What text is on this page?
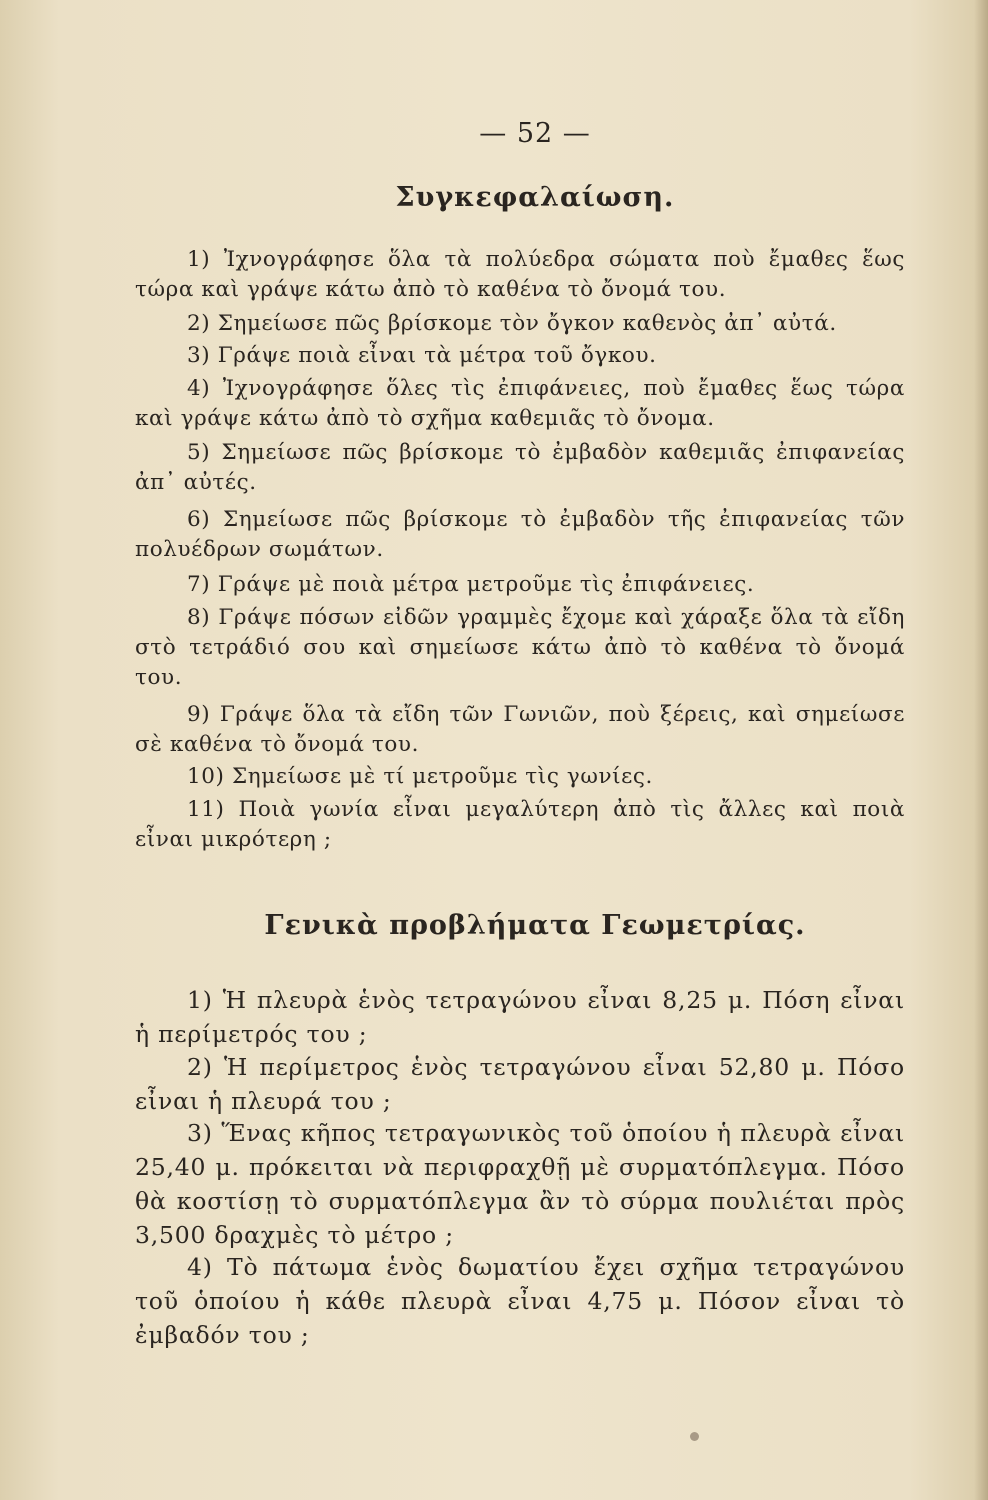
— 52 —
Συγκεφαλαίωση.

1) Ἰχνογράφησε ὅλα τὰ πολύεδρα σώματα ποὺ ἔμαθες ἕως τώρα καὶ γράψε κάτω ἀπὸ τὸ καθένα τὸ ὄνομά του.

2) Σημείωσε πῶς βρίσκομε τὸν ὄγκον καθενὸς ἀπ᾽ αὐτά.

3) Γράψε ποιὰ εἶναι τὰ μέτρα τοῦ ὄγκου.

4) Ἰχνογράφησε ὅλες τὶς ἐπιφάνειες, ποὺ ἔμαθες ἕως τώρα καὶ γράψε κάτω ἀπὸ τὸ σχῆμα καθεμιᾶς τὸ ὄνομα.

5) Σημείωσε πῶς βρίσκομε τὸ ἐμβαδὸν καθεμιᾶς ἐπιφανείας ἀπ᾽ αὐτές.

6) Σημείωσε πῶς βρίσκομε τὸ ἐμβαδὸν τῆς ἐπιφανείας τῶν πολυέδρων σωμάτων.

7) Γράψε μὲ ποιὰ μέτρα μετροῦμε τὶς ἐπιφάνειες.

8) Γράψε πόσων εἰδῶν γραμμὲς ἔχομε καὶ χάραξε ὅλα τὰ εἴδη στὸ τετράδιό σου καὶ σημείωσε κάτω ἀπὸ τὸ καθένα τὸ ὄνομά του.

9) Γράψε ὅλα τὰ εἴδη τῶν Γωνιῶν, ποὺ ξέρεις, καὶ σημείωσε σὲ καθένα τὸ ὄνομά του.

10) Σημείωσε μὲ τί μετροῦμε τὶς γωνίες.

11) Ποιὰ γωνία εἶναι μεγαλύτερη ἀπὸ τὶς ἄλλες καὶ ποιὰ εἶναι μικρότερη ;

Γενικὰ προβλήματα Γεωμετρίας.

1) Ἡ πλευρὰ ἑνὸς τετραγώνου εἶναι 8,25 μ. Πόση εἶναι ἡ περίμετρός του ;

2) Ἡ περίμετρος ἑνὸς τετραγώνου εἶναι 52,80 μ. Πόσο εἶναι ἡ πλευρά του ;

3) Ἕνας κῆπος τετραγωνικὸς τοῦ ὁποίου ἡ πλευρὰ εἶναι 25,40 μ. πρόκειται νὰ περιφραχθῇ μὲ συρματόπλεγμα. Πόσο θὰ κοστίσῃ τὸ συρματόπλεγμα ἂν τὸ σύρμα πουλιέται πρὸς 3,500 δραχμὲς τὸ μέτρο ;

4) Τὸ πάτωμα ἑνὸς δωματίου ἔχει σχῆμα τετραγώνου τοῦ ὁποίου ἡ κάθε πλευρὰ εἶναι 4,75 μ. Πόσον εἶναι τὸ ἐμβαδόν του ;
